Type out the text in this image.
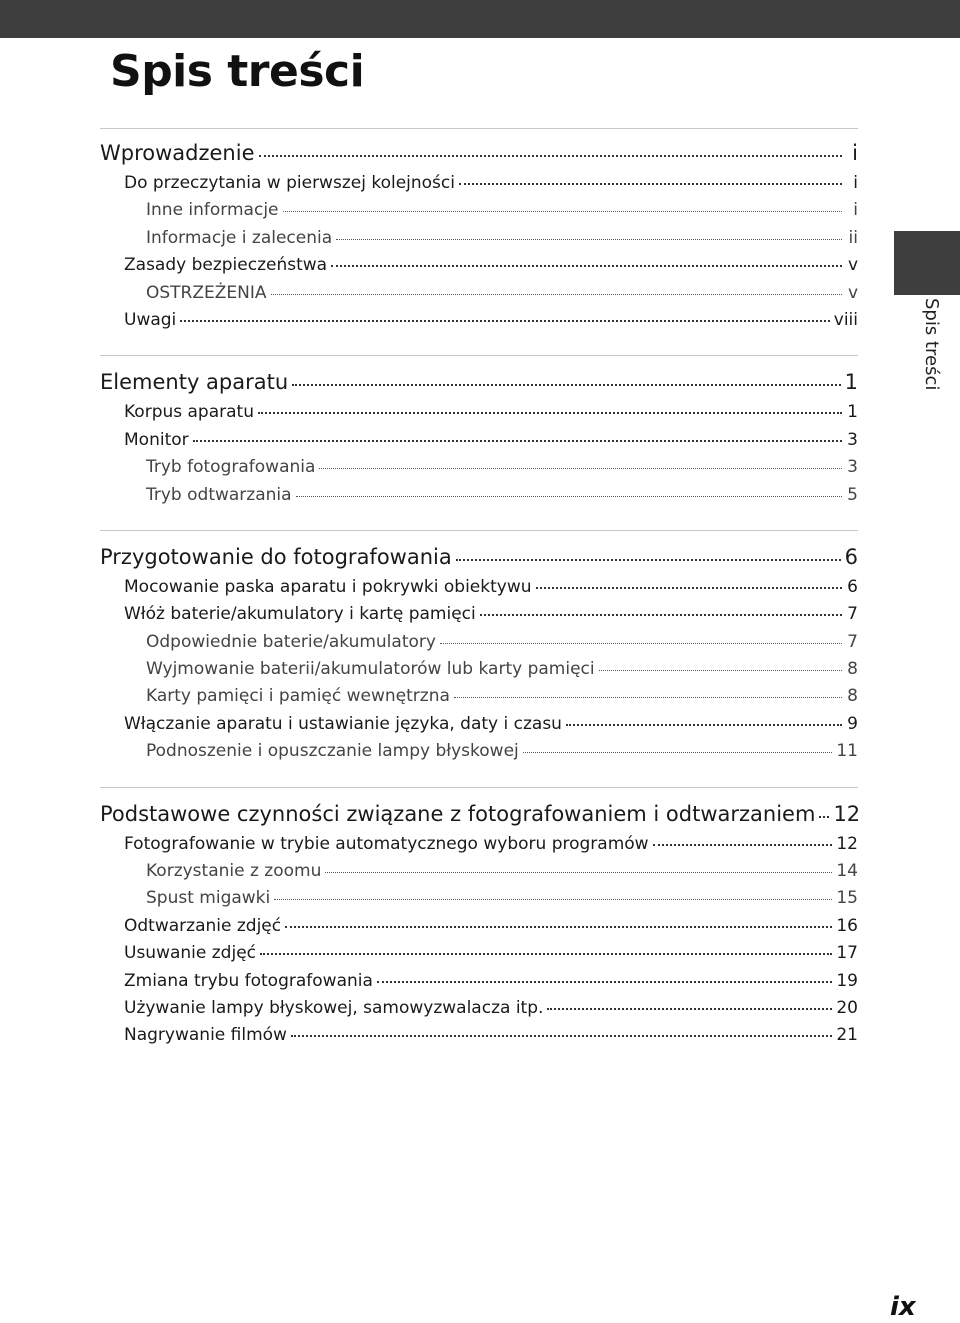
Spis treści
Spis treści
Wprowadzenie	i
Do przeczytania w pierwszej kolejności	i
Inne informacje	i
Informacje i zalecenia	ii
Zasady bezpieczeństwa	v
OSTRZEŻENIA	v
Uwagi	viii
Elementy aparatu	1
Korpus aparatu	1
Monitor	3
Tryb fotografowania	3
Tryb odtwarzania	5
Przygotowanie do fotografowania	6
Mocowanie paska aparatu i pokrywki obiektywu	6
Włóż baterie/akumulatory i kartę pamięci	7
Odpowiednie baterie/akumulatory	7
Wyjmowanie baterii/akumulatorów lub karty pamięci	8
Karty pamięci i pamięć wewnętrzna	8
Włączanie aparatu i ustawianie języka, daty i czasu	9
Podnoszenie i opuszczanie lampy błyskowej	11
Podstawowe czynności związane z fotografowaniem i odtwarzaniem 12
Fotografowanie w trybie automatycznego wyboru programów	12
Korzystanie z zoomu	14
Spust migawki	15
Odtwarzanie zdjęć	16
Usuwanie zdjęć	17
Zmiana trybu fotografowania	19
Używanie lampy błyskowej, samowyzwalacza itp.	20
Nagrywanie filmów	21
ix
